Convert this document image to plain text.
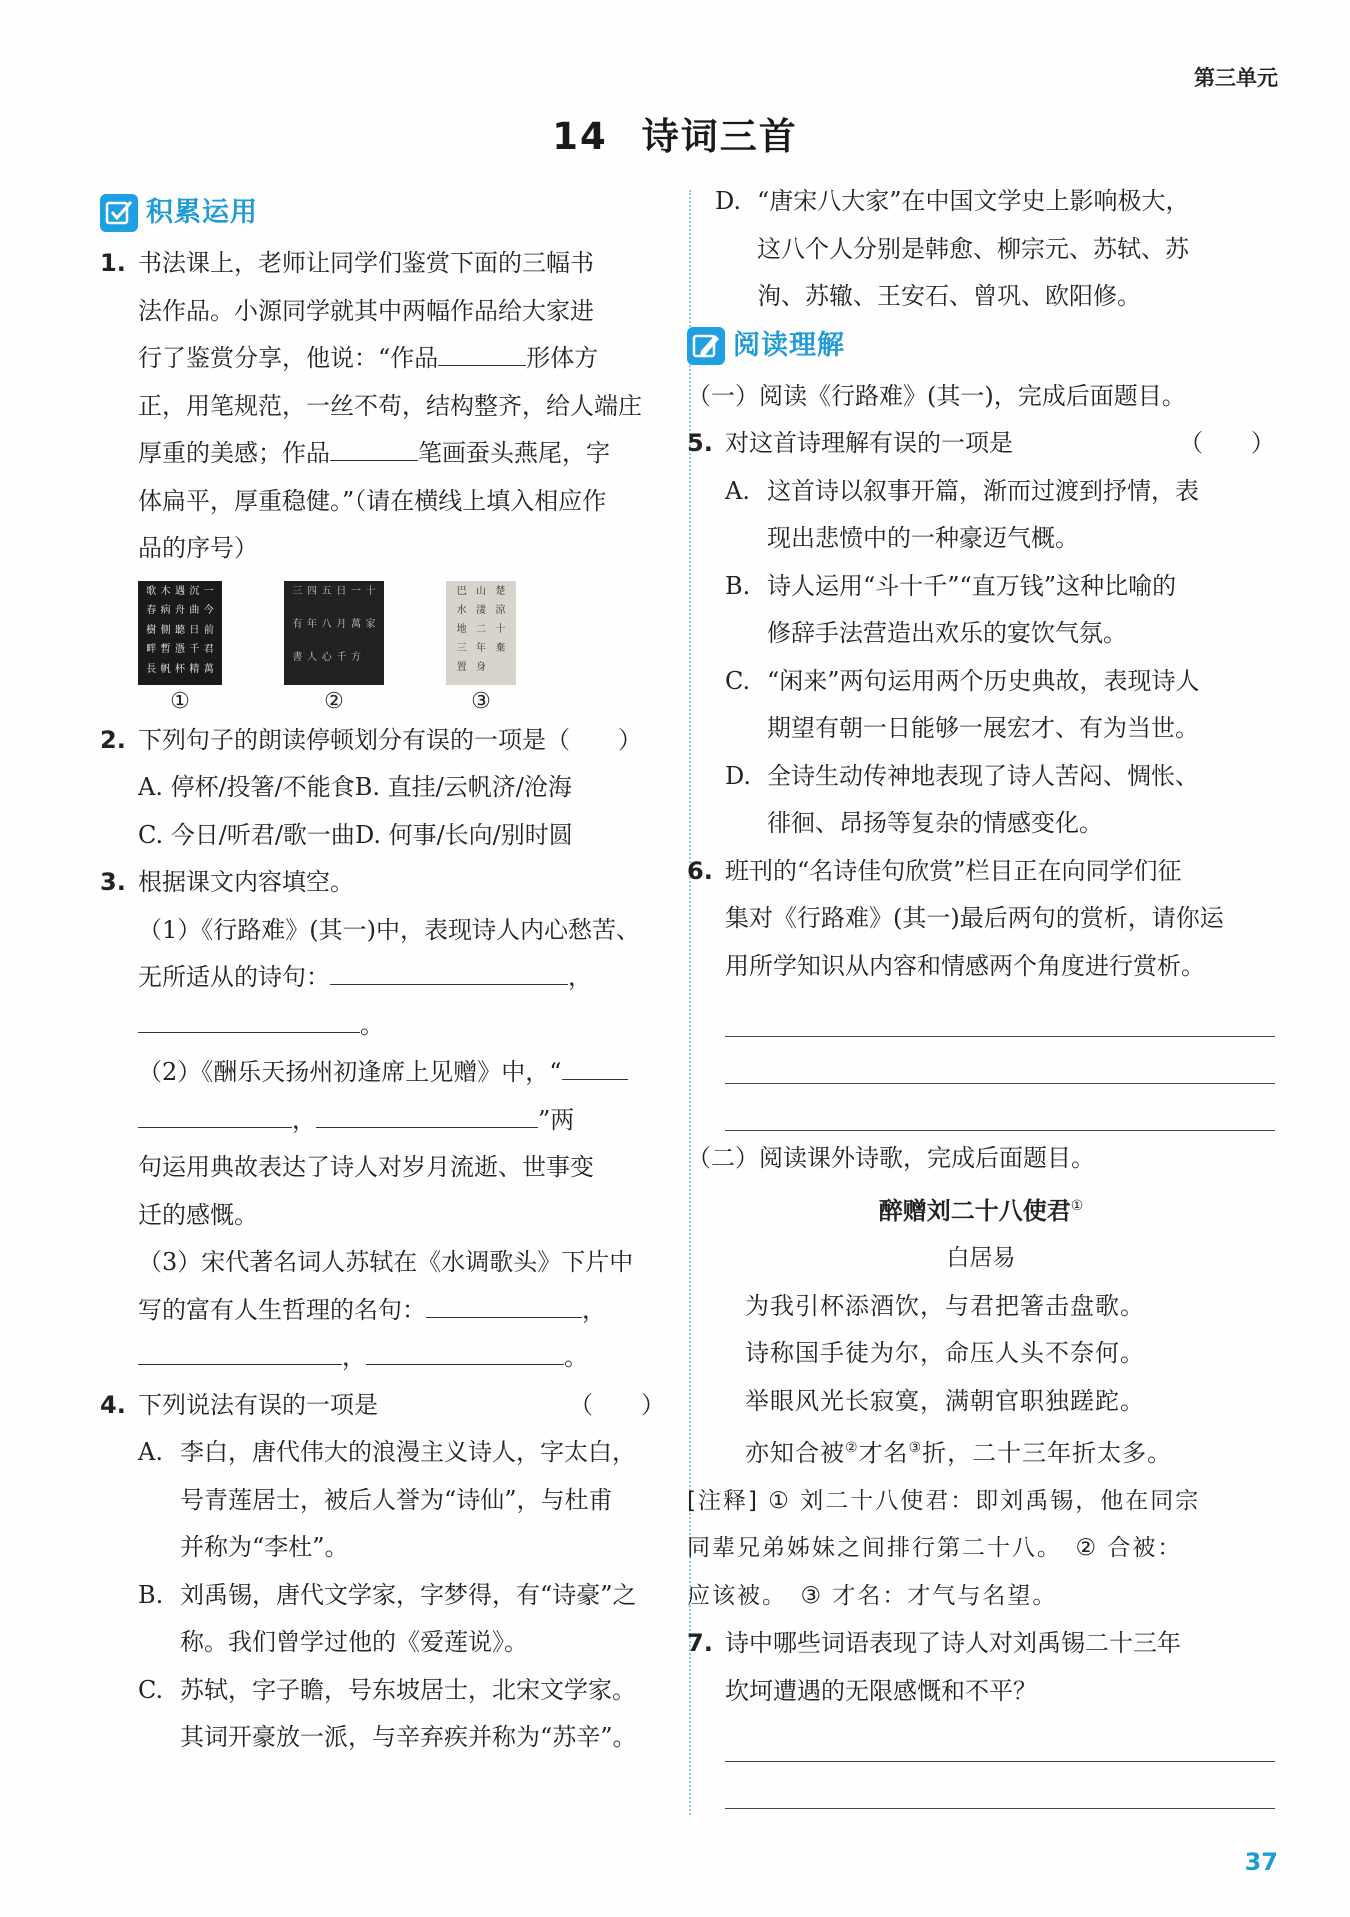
第三单元
14 诗词三首
积累运用
1. 书法课上，老师让同学们鉴赏下面的三幅书
法作品。小源同学就其中两幅作品给大家进
行了鉴赏分享，他说：“作品	形体方
正，用笔规范，一丝不苟，结构整齐，给人端庄
厚重的美感；作品	笔画蚕头燕尾，字
体扁平，厚重稳健。”（请在横线上填入相应作
品的序号）
歌 木 遇 沉 一
春 病 舟 曲 今
樹 側 聽 日 前
畔 暫 憑 千 君
長 帆 杯 精 萬
①
三 四 五 日 一 十
有 年 八 月 萬 家
書 人 心 千 方
②
巴 山 楚
水 淒 涼
地 二 十
三 年 棄
置 身
③
2. 下列句子的朗读停顿划分有误的一项是（　　）
A. 停杯/投箸/不能食B. 直挂/云帆济/沧海
C. 今日/听君/歌一曲D. 何事/长向/别时圆
3. 根据课文内容填空。
（1）《行路难》(其一)中，表现诗人内心愁苦、
无所适从的诗句：	，
。
（2）《酬乐天扬州初逢席上见赠》中，“
，	”两
句运用典故表达了诗人对岁月流逝、世事变
迁的感慨。
（3）宋代著名词人苏轼在《水调歌头》下片中
写的富有人生哲理的名句：	，
，	。
4. 下列说法有误的一项是	（　　）
A. 李白，唐代伟大的浪漫主义诗人，字太白，
号青莲居士，被后人誉为“诗仙”，与杜甫
并称为“李杜”。
B. 刘禹锡，唐代文学家，字梦得，有“诗豪”之
称。我们曾学过他的《爱莲说》。
C. 苏轼，字子瞻，号东坡居士，北宋文学家。
其词开豪放一派，与辛弃疾并称为“苏辛”。
D. “唐宋八大家”在中国文学史上影响极大，
这八个人分别是韩愈、柳宗元、苏轼、苏
洵、苏辙、王安石、曾巩、欧阳修。
阅读理解
（一）阅读《行路难》(其一)，完成后面题目。
5. 对这首诗理解有误的一项是	（　　）
A. 这首诗以叙事开篇，渐而过渡到抒情，表
现出悲愤中的一种豪迈气概。
B. 诗人运用“斗十千”“直万钱”这种比喻的
修辞手法营造出欢乐的宴饮气氛。
C. “闲来”两句运用两个历史典故，表现诗人
期望有朝一日能够一展宏才、有为当世。
D. 全诗生动传神地表现了诗人苦闷、惆怅、
徘徊、昂扬等复杂的情感变化。
6. 班刊的“名诗佳句欣赏”栏目正在向同学们征
集对《行路难》(其一)最后两句的赏析，请你运
用所学知识从内容和情感两个角度进行赏析。
（二）阅读课外诗歌，完成后面题目。
醉赠刘二十八使君①
白居易
为我引杯添酒饮，与君把箸击盘歌。
诗称国手徒为尔，命压人头不奈何。
举眼风光长寂寞，满朝官职独蹉跎。
亦知合被②才名③折，二十三年折太多。
[注释] ① 刘二十八使君：即刘禹锡，他在同宗
同辈兄弟姊妹之间排行第二十八。　② 合被：
应该被。　③ 才名：才气与名望。
7. 诗中哪些词语表现了诗人对刘禹锡二十三年
坎坷遭遇的无限感慨和不平？
37
